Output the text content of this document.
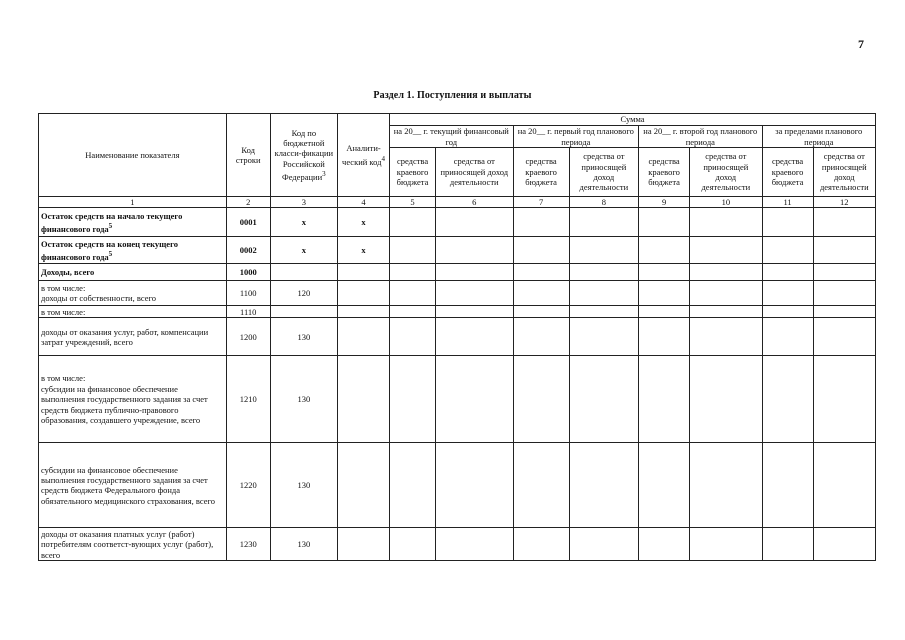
7
Раздел 1. Поступления и выплаты
Наименование показателя	Код строки	Код по бюджетной класси-фикации Российской Федерации$^3$	Аналити-ческий код$^4$	Сумма							
				на 20__ г. текущий финансовый год		на 20__ г. первый год планового периода		на 20__ г. второй год планового периода		за пределами планового периода	
				средства краевого бюджета	средства от приносящей доход деятельности	средства краевого бюджета	средства от приносящей доход деятельности	средства краевого бюджета	средства от приносящей доход деятельности	средства краевого бюджета	средства от приносящей доход деятельности
1	2	3	4	5	6	7	8	9	10	11	12
Остаток средств на начало текущего финансового года$^5$	0001	x	x								
Остаток средств на конец текущего финансового года$^5$	0002	x	x								
Доходы, всего	1000										
в том числе:
доходы от собственности, всего	1100	120									
в том числе:	1110										
доходы от оказания услуг, работ, компенсации затрат учреждений, всего	1200	130									
в том числе:
субсидии на финансовое обеспечение выполнения государственного задания за счет средств бюджета публично-правового образования, создавшего учреждение, всего	1210	130									
субсидии на финансовое обеспечение выполнения государственного задания за счет средств бюджета Федерального фонда обязательного медицинского страхования, всего	1220	130									
доходы от оказания платных услуг (работ) потребителям соответст-вующих услуг (работ), всего	1230	130									
